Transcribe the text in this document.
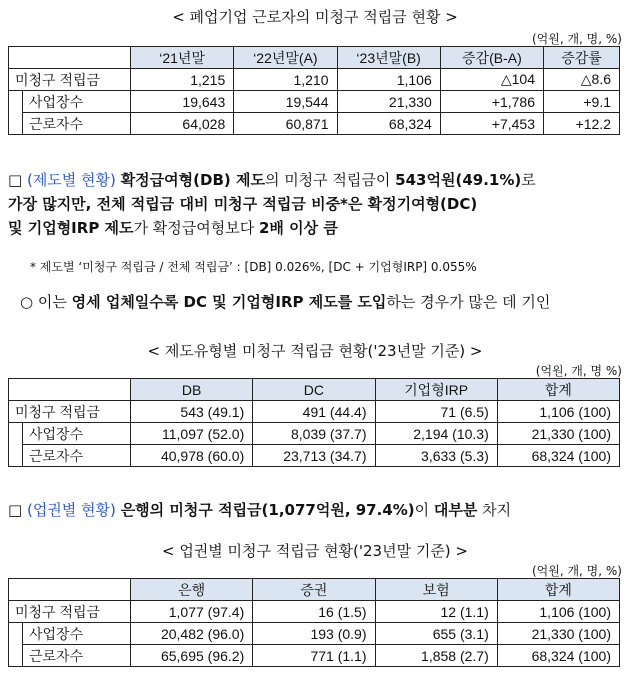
< 폐업기업 근로자의 미청구 적립금 현황 >
(억원, 개, 명, %)
		‘21년말	‘22년말(A)	‘23년말(B)	증감(B-A)	증감률
미청구 적립금		1,215	1,210	1,106	△104	△8.6
	사업장수	19,643	19,544	21,330	+1,786	+9.1
	근로자수	64,028	60,871	68,324	+7,453	+12.2
□ (제도별 현황) 확정급여형(DB) 제도의 미청구 적립금이 543억원(49.1%)로
가장 많지만, 전체 적립금 대비 미청구 적립금 비중*은 확정기여형(DC)
및 기업형IRP 제도가 확정급여형보다 2배 이상 큼
* 제도별 ‘미청구 적립금 / 전체 적립금’ : [DB] 0.026%, [DC + 기업형IRP] 0.055%
○ 이는 영세 업체일수록 DC 및 기업형IRP 제도를 도입하는 경우가 많은 데 기인
< 제도유형별 미청구 적립금 현황('23년말 기준) >
(억원, 개, 명 %)
		DB	DC	기업형IRP	합계
미청구 적립금		543 (49.1)	491 (44.4)	71 (6.5)	1,106 (100)
	사업장수	11,097 (52.0)	8,039 (37.7)	2,194 (10.3)	21,330 (100)
	근로자수	40,978 (60.0)	23,713 (34.7)	3,633 (5.3)	68,324 (100)
□ (업권별 현황) 은행의 미청구 적립금(1,077억원, 97.4%)이 대부분 차지
< 업권별 미청구 적립금 현황('23년말 기준) >
(억원, 개, 명, %)
		은행	증권	보험	합계
미청구 적립금		1,077 (97.4)	16 (1.5)	12 (1.1)	1,106 (100)
	사업장수	20,482 (96.0)	193 (0.9)	655 (3.1)	21,330 (100)
	근로자수	65,695 (96.2)	771 (1.1)	1,858 (2.7)	68,324 (100)
